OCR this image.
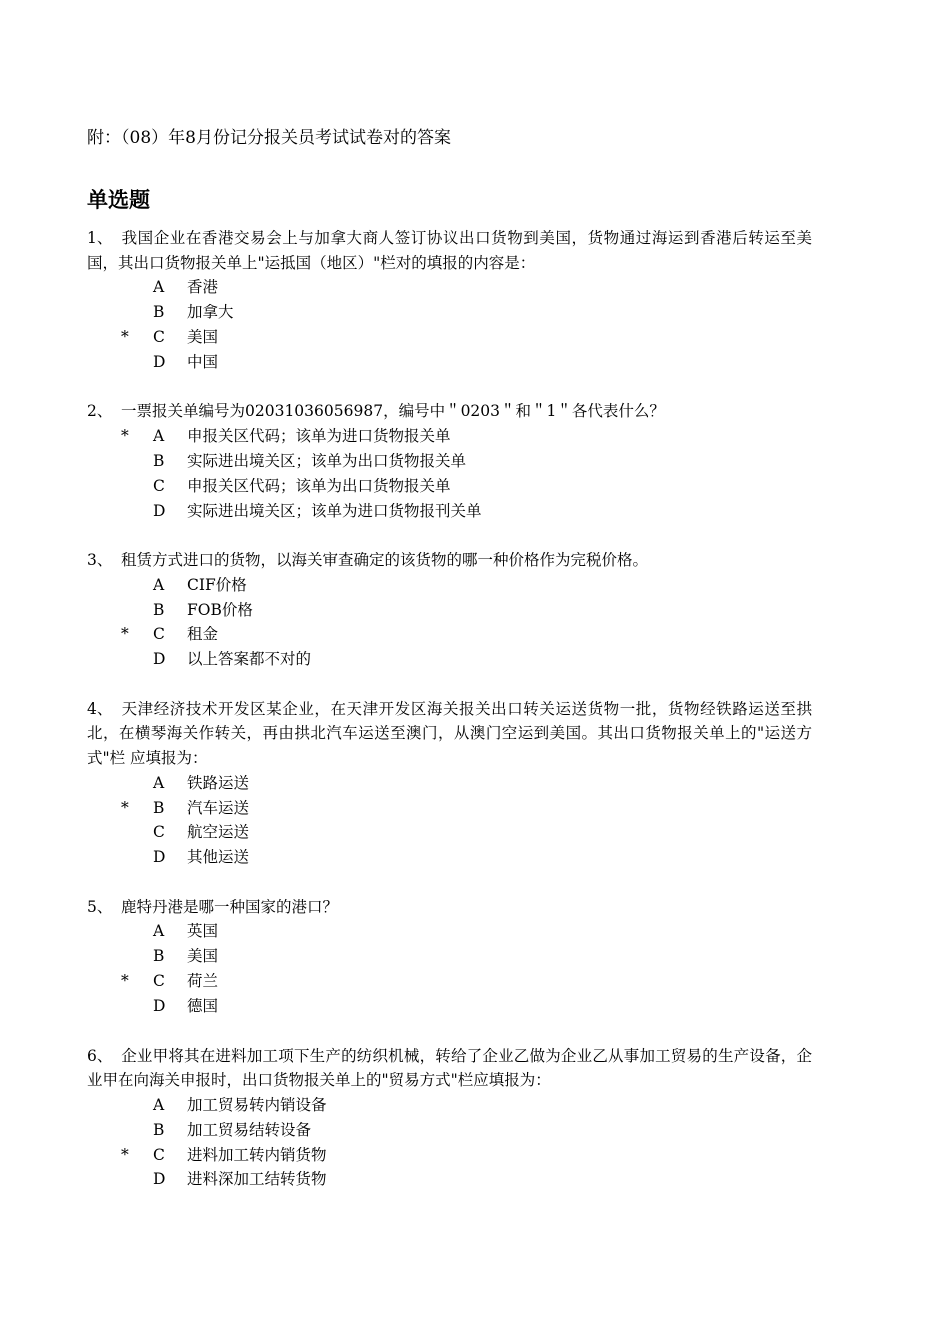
附：（08）年8月份记分报关员考试试卷对的答案
单选题
1、 我国企业在香港交易会上与加拿大商人签订协议出口货物到美国，货物通过海运到香港后转运至美国，其出口货物报关单上"运抵国（地区）"栏对的填报的内容是：
A 香港
B 加拿大
* C 美国
D 中国
2、 一票报关单编号为02031036056987，编号中＂0203＂和＂1＂各代表什么？
* A 申报关区代码；该单为进口货物报关单
B 实际进出境关区；该单为出口货物报关单
C 申报关区代码；该单为出口货物报关单
D 实际进出境关区；该单为进口货物报刊关单
3、 租赁方式进口的货物，以海关审查确定的该货物的哪一种价格作为完税价格。
A CIF价格
B FOB价格
* C 租金
D 以上答案都不对的
4、 天津经济技术开发区某企业，在天津开发区海关报关出口转关运送货物一批，货物经铁路运送至拱北，在横琴海关作转关，再由拱北汽车运送至澳门，从澳门空运到美国。其出口货物报关单上的"运送方式"栏 应填报为：
A 铁路运送
* B 汽车运送
C 航空运送
D 其他运送
5、 鹿特丹港是哪一种国家的港口？
A 英国
B 美国
* C 荷兰
D 德国
6、 企业甲将其在进料加工项下生产的纺织机械，转给了企业乙做为企业乙从事加工贸易的生产设备，企业甲在向海关申报时，出口货物报关单上的"贸易方式"栏应填报为：
A 加工贸易转内销设备
B 加工贸易结转设备
* C 进料加工转内销货物
D 进料深加工结转货物
